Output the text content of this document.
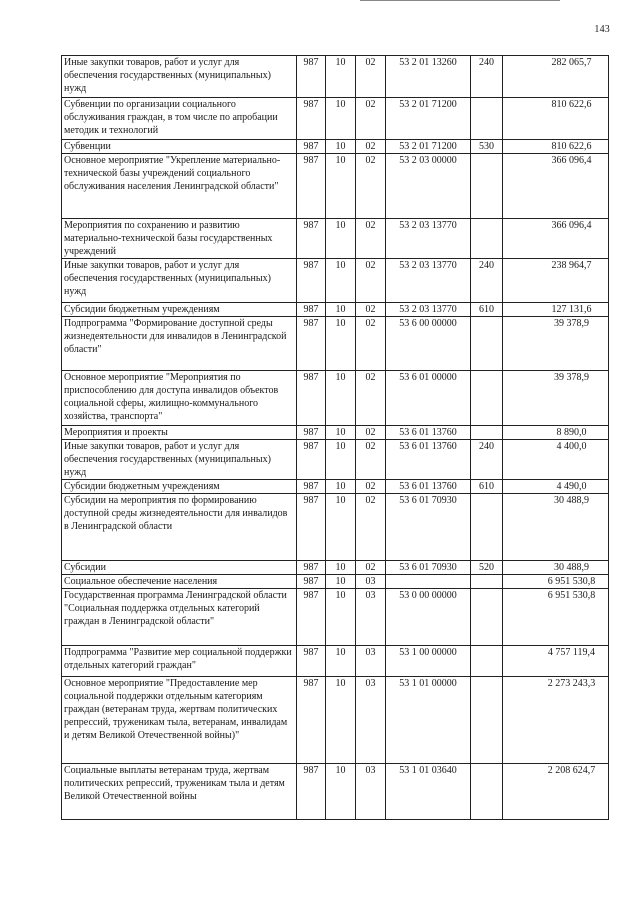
143
Иные закупки товаров, работ и услуг для обеспечения государственных (муниципальных) нужд	987	10	02	53 2 01 13260	240	282 065,7
Субвенции по организации социального обслуживания граждан, в том числе по апробации методик и технологий	987	10	02	53 2 01 71200		810 622,6
Субвенции	987	10	02	53 2 01 71200	530	810 622,6
Основное мероприятие "Укрепление материально- технической базы учреждений социального обслуживания населения Ленинградской области"	987	10	02	53 2 03 00000		366 096,4
Мероприятия по сохранению и развитию материально-технической базы государственных учреждений	987	10	02	53 2 03 13770		366 096,4
Иные закупки товаров, работ и услуг для обеспечения государственных (муниципальных) нужд	987	10	02	53 2 03 13770	240	238 964,7
Субсидии бюджетным учреждениям	987	10	02	53 2 03 13770	610	127 131,6
Подпрограмма "Формирование доступной среды жизнедеятельности для инвалидов в Ленинградской области"	987	10	02	53 6 00 00000		39 378,9
Основное мероприятие "Мероприятия по приспособлению для доступа инвалидов объектов социальной сферы, жилищно-коммунального хозяйства, транспорта"	987	10	02	53 6 01 00000		39 378,9
Мероприятия и проекты	987	10	02	53 6 01 13760		8 890,0
Иные закупки товаров, работ и услуг для обеспечения государственных (муниципальных) нужд	987	10	02	53 6 01 13760	240	4 400,0
Субсидии бюджетным учреждениям	987	10	02	53 6 01 13760	610	4 490,0
Субсидии на мероприятия по формированию доступной среды жизнедеятельности для инвалидов в Ленинградской области	987	10	02	53 6 01 70930		30 488,9
Субсидии	987	10	02	53 6 01 70930	520	30 488,9
Социальное обеспечение населения	987	10	03			6 951 530,8
Государственная программа Ленинградской области "Социальная поддержка отдельных категорий граждан в Ленинградской области"	987	10	03	53 0 00 00000		6 951 530,8
Подпрограмма "Развитие мер социальной поддержки отдельных категорий граждан"	987	10	03	53 1 00 00000		4 757 119,4
Основное мероприятие "Предоставление мер социальной поддержки отдельным категориям граждан (ветеранам труда, жертвам политических репрессий, труженикам тыла, ветеранам, инвалидам и детям Великой Отечественной войны)"	987	10	03	53 1 01 00000		2 273 243,3
Социальные выплаты ветеранам труда, жертвам политических репрессий, труженикам тыла и детям Великой Отечественной войны	987	10	03	53 1 01 03640		2 208 624,7
